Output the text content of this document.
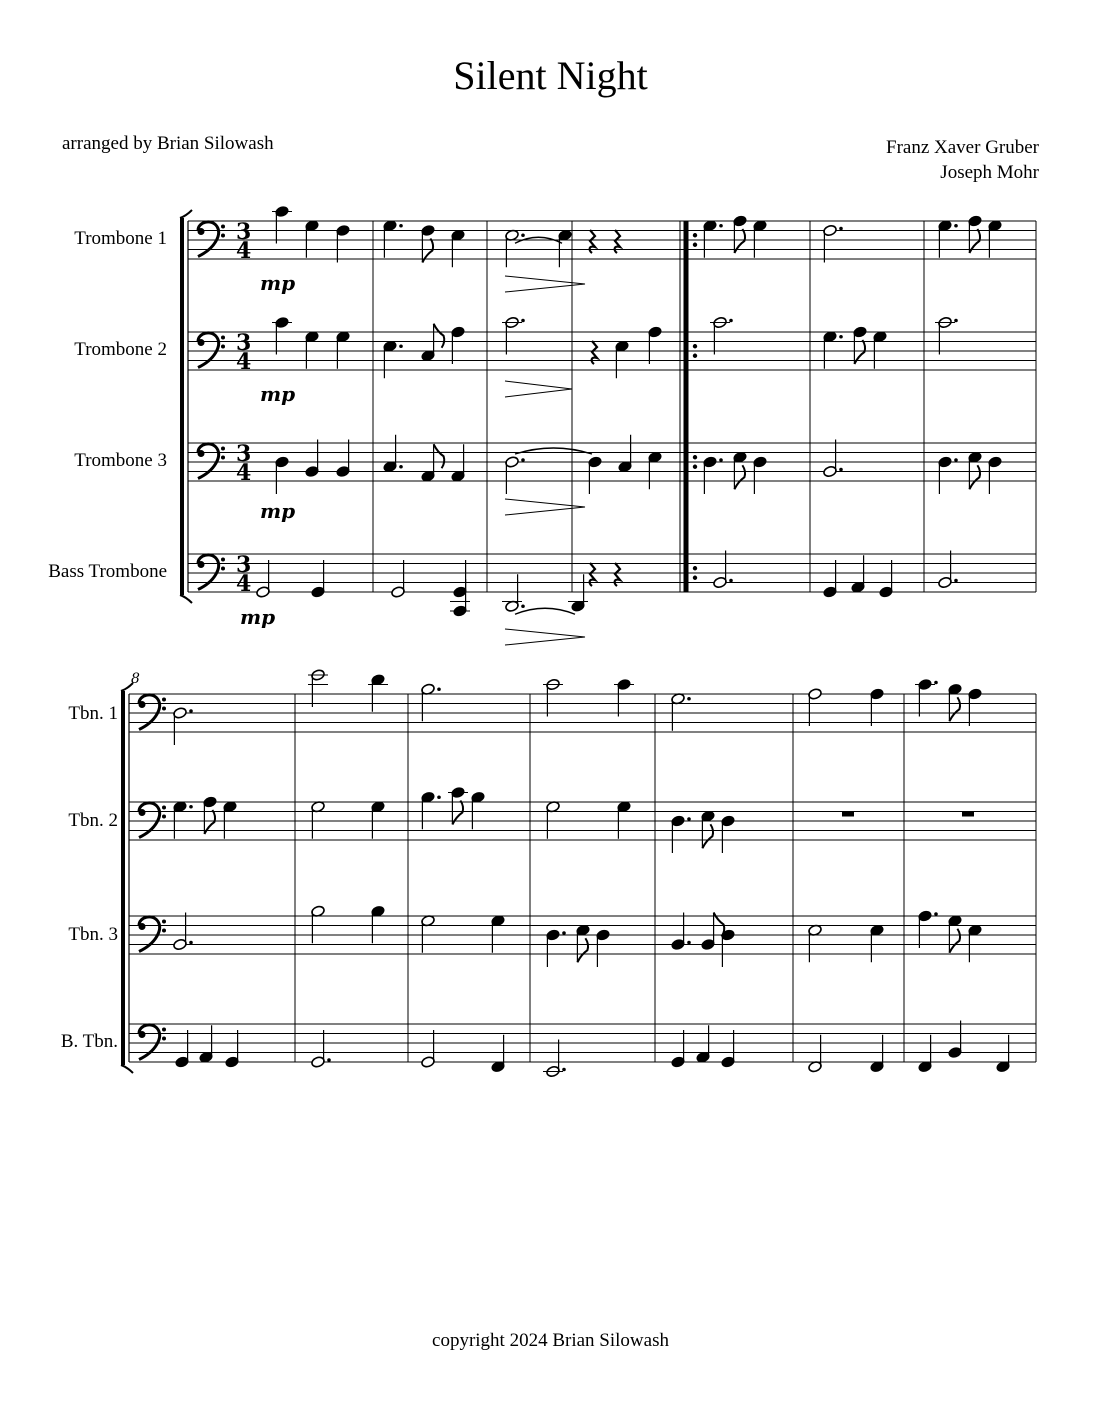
Silent Night
arranged by Brian Silowash	Franz Xaver Gruber
Joseph Mohr
Trombone 1
Trombone 2
Trombone 3
Bass Trombone
Tbn. 1
Tbn. 2
Tbn. 3
B. Tbn.
3
4
3
4
3
4
3
4
8
mp
mp
mp
mp
copyright 2024 Brian Silowash
